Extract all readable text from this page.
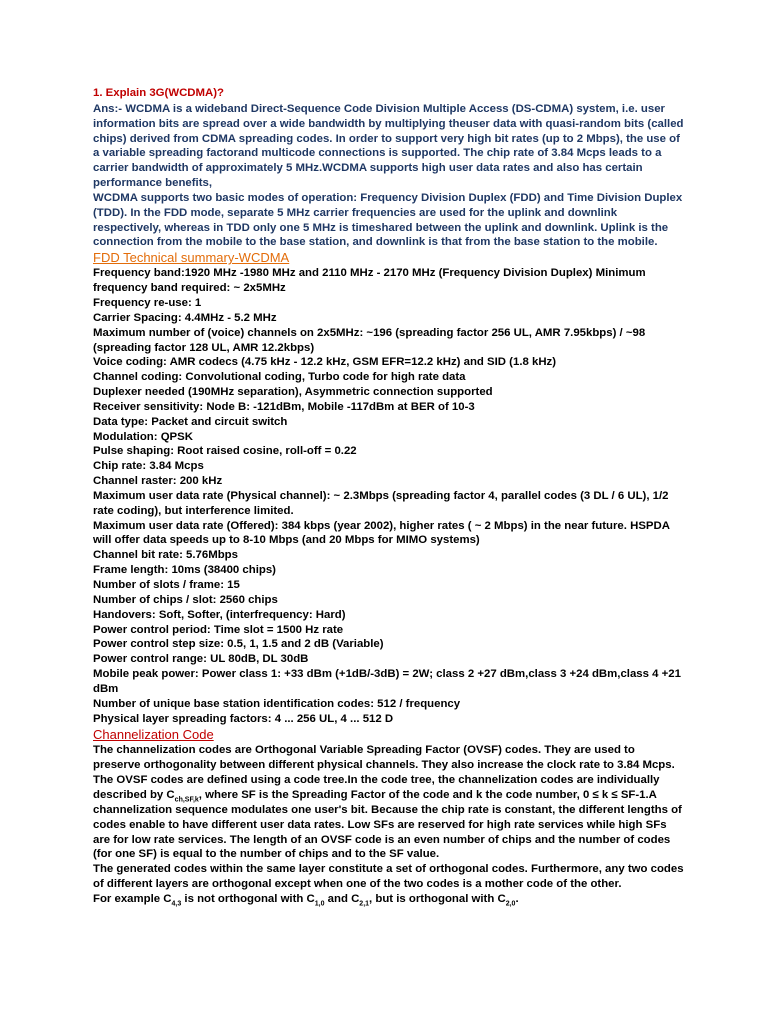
1. Explain 3G(WCDMA)?

Ans:- WCDMA is a wideband Direct-Sequence Code Division Multiple Access (DS-CDMA) system, i.e. user information bits are spread over a wide bandwidth by multiplying theuser data with quasi-random bits (called chips) derived from CDMA spreading codes. In order to support very high bit rates (up to 2 Mbps), the use of a variable spreading factorand multicode connections is supported. The chip rate of 3.84 Mcps leads to a carrier bandwidth of approximately 5 MHz.WCDMA supports high user data rates and also has certain performance benefits,

WCDMA supports two basic modes of operation: Frequency Division Duplex (FDD) and Time Division Duplex (TDD). In the FDD mode, separate 5 MHz carrier frequencies are used for the uplink and downlink respectively, whereas in TDD only one 5 MHz is timeshared between the uplink and downlink. Uplink is the connection from the mobile to the base station, and downlink is that from the base station to the mobile.

FDD Technical summary-WCDMA
Frequency band:1920 MHz -1980 MHz and 2110 MHz - 2170 MHz (Frequency Division Duplex) Minimum frequency band required: ~ 2x5MHz
Frequency re-use: 1
Carrier Spacing: 4.4MHz - 5.2 MHz
Maximum number of (voice) channels on 2x5MHz: ~196 (spreading factor 256 UL, AMR 7.95kbps) / ~98 (spreading factor 128 UL, AMR 12.2kbps)
Voice coding: AMR codecs (4.75 kHz - 12.2 kHz, GSM EFR=12.2 kHz) and SID (1.8 kHz)
Channel coding: Convolutional coding, Turbo code for high rate data
Duplexer needed (190MHz separation), Asymmetric connection supported
Receiver sensitivity: Node B: -121dBm, Mobile -117dBm at BER of 10-3
Data type: Packet and circuit switch
Modulation: QPSK
Pulse shaping: Root raised cosine, roll-off = 0.22
Chip rate: 3.84 Mcps
Channel raster: 200 kHz
Maximum user data rate (Physical channel): ~ 2.3Mbps (spreading factor 4, parallel codes (3 DL / 6 UL), 1/2 rate coding), but interference limited.
Maximum user data rate (Offered): 384 kbps (year 2002), higher rates ( ~ 2 Mbps) in the near future. HSPDA will offer data speeds up to 8-10 Mbps (and 20 Mbps for MIMO systems)
Channel bit rate: 5.76Mbps
Frame length: 10ms (38400 chips)
Number of slots / frame: 15
Number of chips / slot: 2560 chips
Handovers: Soft, Softer, (interfrequency: Hard)
Power control period: Time slot = 1500 Hz rate
Power control step size: 0.5, 1, 1.5 and 2 dB (Variable)
Power control range: UL 80dB, DL 30dB
Mobile peak power: Power class 1: +33 dBm (+1dB/-3dB) = 2W; class 2 +27 dBm,class 3 +24 dBm,class 4 +21 dBm
Number of unique base station identification codes: 512 / frequency
Physical layer spreading factors: 4 ... 256 UL, 4 ... 512 D
Channelization Code

The channelization codes are Orthogonal Variable Spreading Factor (OVSF) codes. They are used to preserve orthogonality between different physical channels. They also increase the clock rate to 3.84 Mcps. The OVSF codes are defined using a code tree.In the code tree, the channelization codes are individually described by $C_{ch,SF,k}$, where SF is the Spreading Factor of the code and k the code number, 0 ≤ k ≤ SF-1.A channelization sequence modulates one user's bit. Because the chip rate is constant, the different lengths of codes enable to have different user data rates. Low SFs are reserved for high rate services while high SFs are for low rate services. The length of an OVSF code is an even number of chips and the number of codes (for one SF) is equal to the number of chips and to the SF value.

The generated codes within the same layer constitute a set of orthogonal codes. Furthermore, any two codes of different layers are orthogonal except when one of the two codes is a mother code of the other.

For example $C_{4,3}$ is not orthogonal with $C_{1,0}$ and $C_{2,1}$, but is orthogonal with $C_{2,0}$.
